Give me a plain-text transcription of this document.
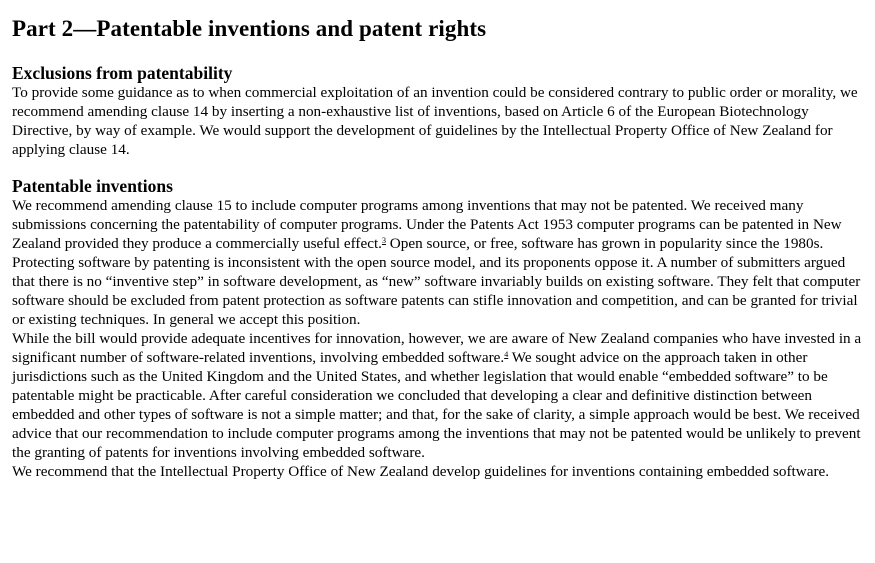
Part 2—Patentable inventions and patent rights
Exclusions from patentability

To provide some guidance as to when commercial exploitation of an invention could be considered contrary to public order or morality, we recommend amending clause 14 by inserting a non-exhaustive list of inventions, based on Article 6 of the European Biotechnology Directive, by way of example. We would support the development of guidelines by the Intellectual Property Office of New Zealand for applying clause 14.

Patentable inventions

We recommend amending clause 15 to include computer programs among inventions that may not be patented. We received many submissions concerning the patentability of computer programs. Under the Patents Act 1953 computer programs can be patented in New Zealand provided they produce a commercially useful effect.$^3$ Open source, or free, software has grown in popularity since the 1980s. Protecting software by patenting is inconsistent with the open source model, and its proponents oppose it. A number of submitters argued that there is no “inventive step” in software development, as “new” software invariably builds on existing software. They felt that computer software should be excluded from patent protection as software patents can stifle innovation and competition, and can be granted for trivial or existing techniques. In general we accept this position.

While the bill would provide adequate incentives for innovation, however, we are aware of New Zealand companies who have invested in a significant number of software-related inventions, involving embedded software.$^4$ We sought advice on the approach taken in other jurisdictions such as the United Kingdom and the United States, and whether legislation that would enable “embedded software” to be patentable might be practicable. After careful consideration we concluded that developing a clear and definitive distinction between embedded and other types of software is not a simple matter; and that, for the sake of clarity, a simple approach would be best. We received advice that our recommendation to include computer programs among the inventions that may not be patented would be unlikely to prevent the granting of patents for inventions involving embedded software.

We recommend that the Intellectual Property Office of New Zealand develop guidelines for inventions containing embedded software.
